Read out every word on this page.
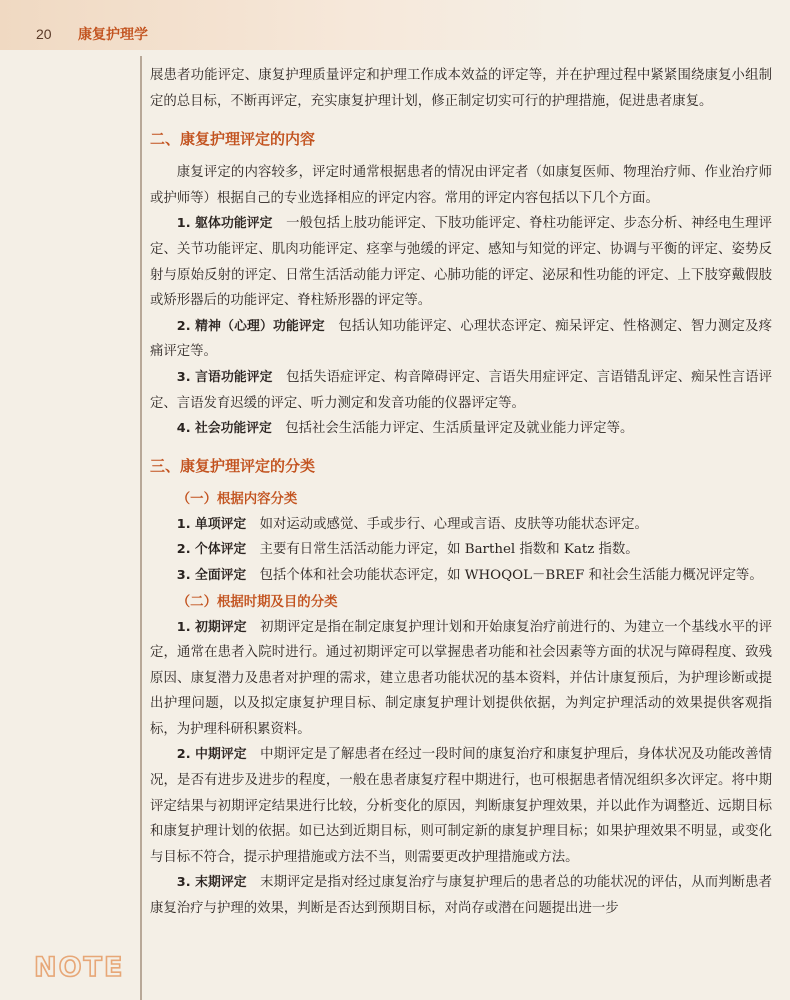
20 康复护理学
NOTE

展患者功能评定、康复护理质量评定和护理工作成本效益的评定等，并在护理过程中紧紧围绕康复小组制定的总目标，不断再评定，充实康复护理计划，修正制定切实可行的护理措施，促进患者康复。

二、康复护理评定的内容

康复评定的内容较多，评定时通常根据患者的情况由评定者（如康复医师、物理治疗师、作业治疗师或护师等）根据自己的专业选择相应的评定内容。常用的评定内容包括以下几个方面。

1. 躯体功能评定　 一般包括上肢功能评定、下肢功能评定、脊柱功能评定、步态分析、神经电生理评定、关节功能评定、肌肉功能评定、痉挛与弛缓的评定、感知与知觉的评定、协调与平衡的评定、姿势反射与原始反射的评定、日常生活活动能力评定、心肺功能的评定、泌尿和性功能的评定、上下肢穿戴假肢或矫形器后的功能评定、脊柱矫形器的评定等。

2. 精神（心理）功能评定　 包括认知功能评定、心理状态评定、痴呆评定、性格测定、智力测定及疼痛评定等。

3. 言语功能评定　 包括失语症评定、构音障碍评定、言语失用症评定、言语错乱评定、痴呆性言语评定、言语发育迟缓的评定、听力测定和发音功能的仪器评定等。

4. 社会功能评定　 包括社会生活能力评定、生活质量评定及就业能力评定等。

三、康复护理评定的分类
（一）根据内容分类

1. 单项评定　 如对运动或感觉、手或步行、心理或言语、皮肤等功能状态评定。

2. 个体评定　 主要有日常生活活动能力评定，如 Barthel 指数和 Katz 指数。

3. 全面评定　 包括个体和社会功能状态评定，如 WHOQOL－BREF 和社会生活能力概况评定等。

（二）根据时期及目的分类

1. 初期评定　 初期评定是指在制定康复护理计划和开始康复治疗前进行的、为建立一个基线水平的评定，通常在患者入院时进行。通过初期评定可以掌握患者功能和社会因素等方面的状况与障碍程度、致残原因、康复潜力及患者对护理的需求，建立患者功能状况的基本资料，并估计康复预后，为护理诊断或提出护理问题，以及拟定康复护理目标、制定康复护理计划提供依据，为判定护理活动的效果提供客观指标，为护理科研积累资料。

2. 中期评定　 中期评定是了解患者在经过一段时间的康复治疗和康复护理后，身体状况及功能改善情况，是否有进步及进步的程度，一般在患者康复疗程中期进行，也可根据患者情况组织多次评定。将中期评定结果与初期评定结果进行比较，分析变化的原因，判断康复护理效果，并以此作为调整近、远期目标和康复护理计划的依据。如已达到近期目标，则可制定新的康复护理目标；如果护理效果不明显，或变化与目标不符合，提示护理措施或方法不当，则需要更改护理措施或方法。

3. 末期评定　 末期评定是指对经过康复治疗与康复护理后的患者总的功能状况的评估，从而判断患者康复治疗与护理的效果，判断是否达到预期目标，对尚存或潜在问题提出进一步
